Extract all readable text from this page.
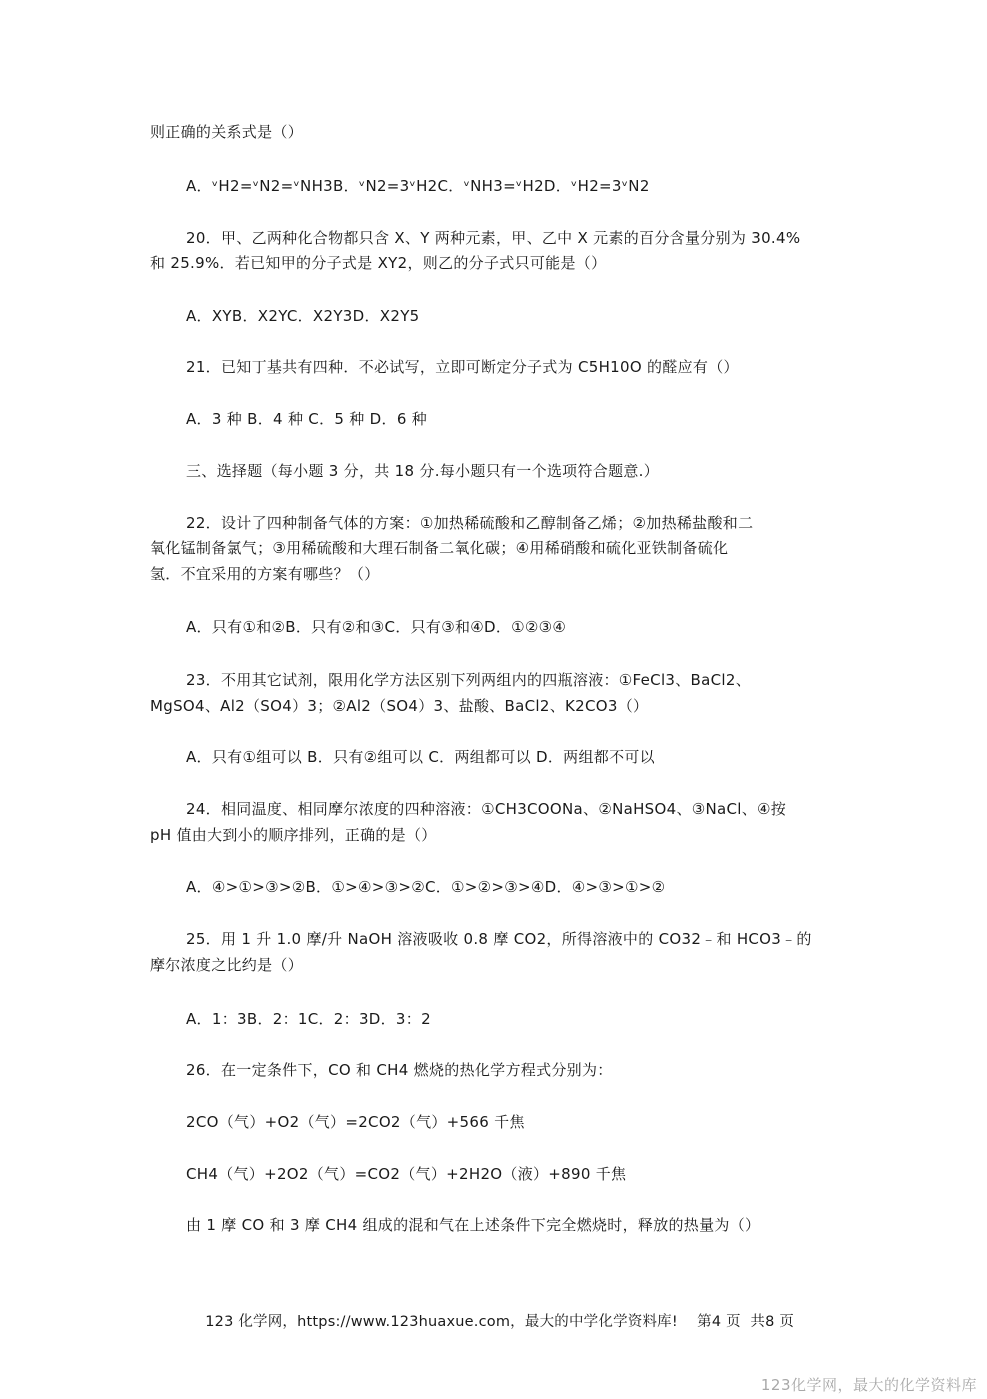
则正确的关系式是（）
A．ᵛH2=ᵛN2=ᵛNH3B．ᵛN2=3ᵛH2C．ᵛNH3=ᵛH2D．ᵛH2=3ᵛN2
20．甲、乙两种化合物都只含 X、Y 两种元素，甲、乙中 X 元素的百分含量分别为 30.4%
和 25.9%．若已知甲的分子式是 XY2，则乙的分子式只可能是（）
A．XYB．X2YC．X2Y3D．X2Y5
21．已知丁基共有四种．不必试写，立即可断定分子式为 C5H10O 的醛应有（）
A．3 种 B．4 种 C．5 种 D．6 种
三、选择题（每小题 3 分，共 18 分.每小题只有一个选项符合题意.）
22．设计了四种制备气体的方案：①加热稀硫酸和乙醇制备乙烯；②加热稀盐酸和二
氧化锰制备氯气；③用稀硫酸和大理石制备二氧化碳；④用稀硝酸和硫化亚铁制备硫化
氢．不宜采用的方案有哪些？（）
A．只有①和②B．只有②和③C．只有③和④D．①②③④
23．不用其它试剂，限用化学方法区别下列两组内的四瓶溶液：①FeCl3、BaCl2、
MgSO4、Al2（SO4）3；②Al2（SO4）3、盐酸、BaCl2、K2CO3（）
A．只有①组可以 B．只有②组可以 C．两组都可以 D．两组都不可以
24．相同温度、相同摩尔浓度的四种溶液：①CH3COONa、②NaHSO4、③NaCl、④按
pH 值由大到小的顺序排列，正确的是（）
A．④>①>③>②B．①>④>③>②C．①>②>③>④D．④>③>①>②
25．用 1 升 1.0 摩/升 NaOH 溶液吸收 0.8 摩 CO2，所得溶液中的 CO32﹣和 HCO3﹣的
摩尔浓度之比约是（）
A．1：3B．2：1C．2：3D．3：2
26．在一定条件下，CO 和 CH4 燃烧的热化学方程式分别为：
2CO（气）+O2（气）=2CO2（气）+566 千焦
CH4（气）+2O2（气）=CO2（气）+2H2O（液）+890 千焦
由 1 摩 CO 和 3 摩 CH4 组成的混和气在上述条件下完全燃烧时，释放的热量为（）

123 化学网，https://www.123huaxue.com，最大的中学化学资料库! 第4 页  共8 页

123化学网，最大的化学资料库
